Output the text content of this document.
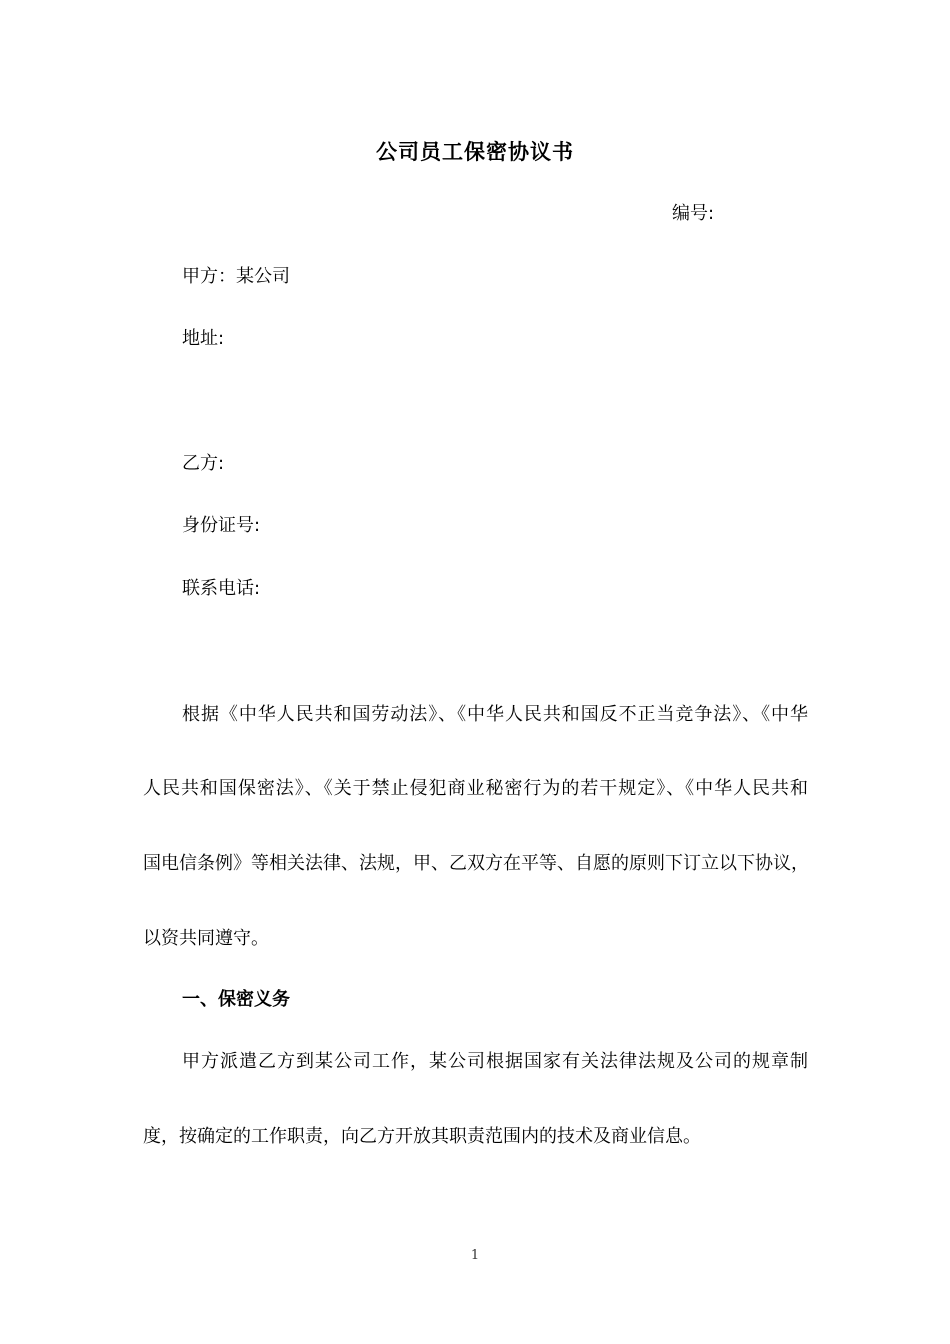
公司员工保密协议书
编号:
甲方：某公司
地址:
乙方:
身份证号:
联系电话:
根据《中华人民共和国劳动法》、《中华人民共和国反不正当竞争法》、《中华
人民共和国保密法》、《关于禁止侵犯商业秘密行为的若干规定》、《中华人民共和
国电信条例》等相关法律、法规，甲、乙双方在平等、自愿的原则下订立以下协议，
以资共同遵守。
一、保密义务
甲方派遣乙方到某公司工作，某公司根据国家有关法律法规及公司的规章制
度，按确定的工作职责，向乙方开放其职责范围内的技术及商业信息。
1
